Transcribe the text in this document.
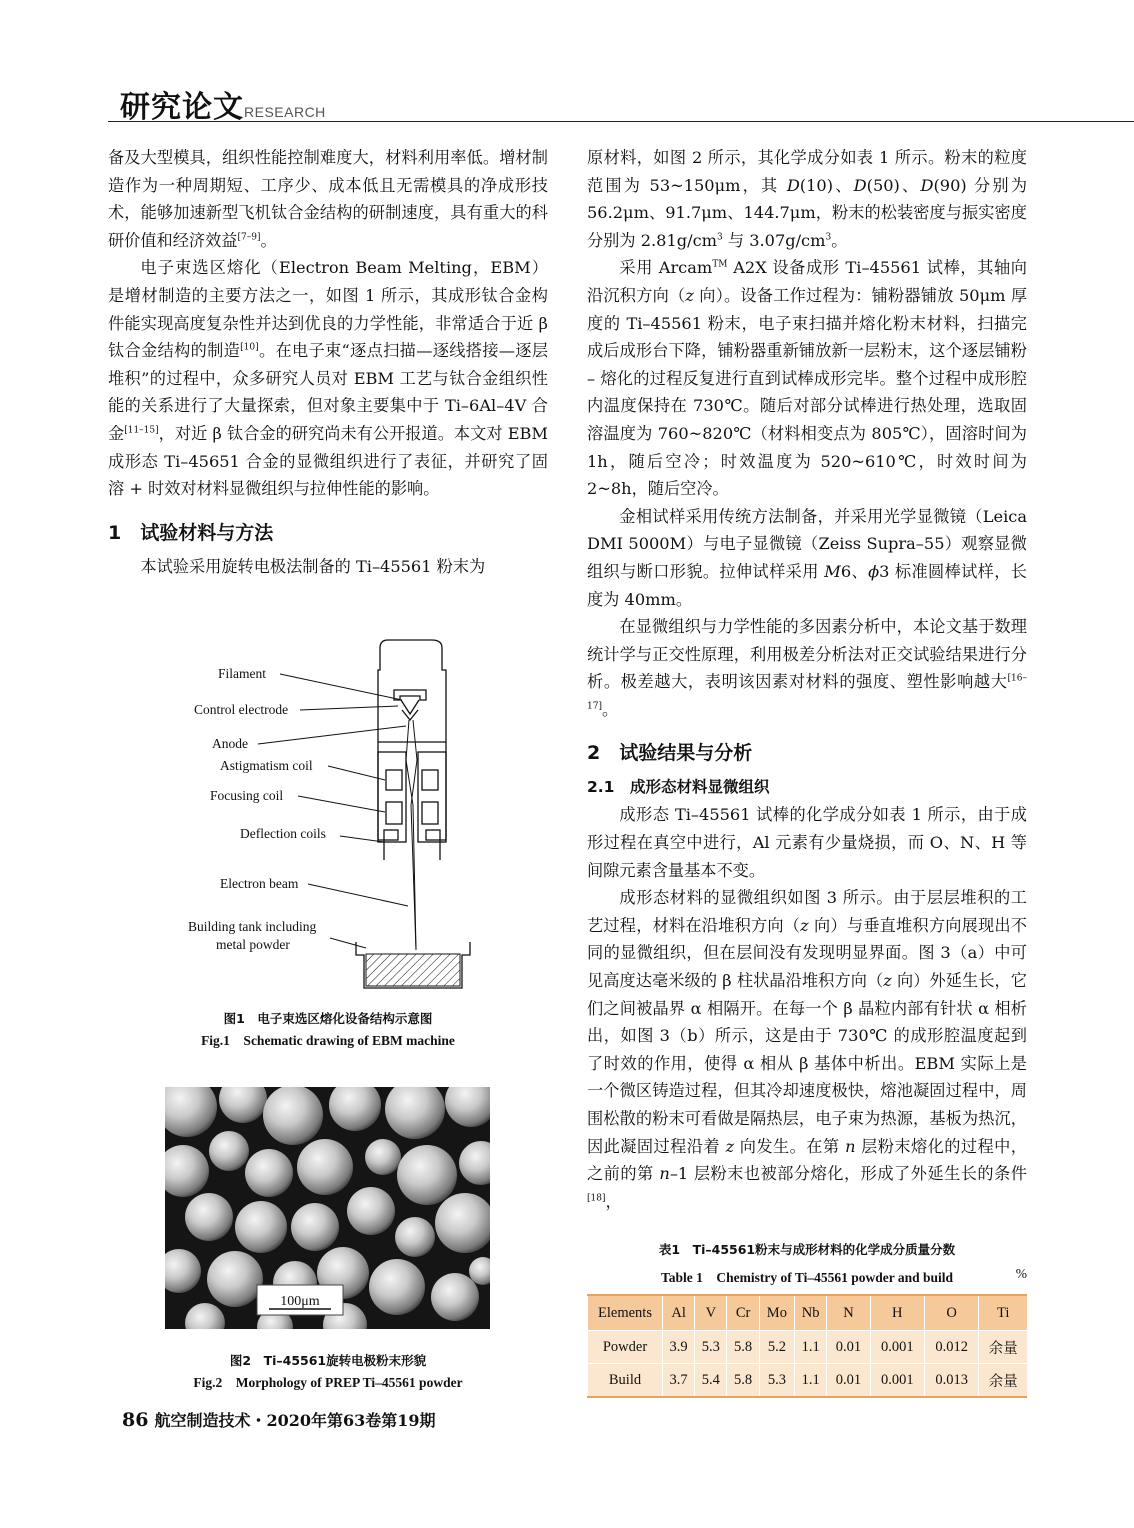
研究论文 RESEARCH

备及大型模具，组织性能控制难度大，材料利用率低。增材制造作为一种周期短、工序少、成本低且无需模具的净成形技术，能够加速新型飞机钛合金结构的研制速度，具有重大的科研价值和经济效益[7–9]。

电子束选区熔化（Electron Beam Melting，EBM）是增材制造的主要方法之一，如图 1 所示，其成形钛合金构件能实现高度复杂性并达到优良的力学性能，非常适合于近 β 钛合金结构的制造[10]。在电子束“逐点扫描—逐线搭接—逐层堆积”的过程中，众多研究人员对 EBM 工艺与钛合金组织性能的关系进行了大量探索，但对象主要集中于 Ti–6Al–4V 合金[11–15]，对近 β 钛合金的研究尚未有公开报道。本文对 EBM 成形态 Ti–45651 合金的显微组织进行了表征，并研究了固溶 + 时效对材料显微组织与拉伸性能的影响。

1　试验材料与方法

本试验采用旋转电极法制备的 Ti–45561 粉末为

Filament
Control electrode
Anode
Astigmatism coil
Focusing coil
Deflection coils
Electron beam
Building tank including
metal powder
图1　电子束选区熔化设备结构示意图
Fig.1　Schematic drawing of EBM machine
100μm
图2　Ti–45561旋转电极粉末形貌
Fig.2　Morphology of PREP Ti–45561 powder

原材料，如图 2 所示，其化学成分如表 1 所示。粉末的粒度范围为 53~150μm，其 D(10)、D(50)、D(90) 分别为 56.2μm、91.7μm、144.7μm，粉末的松装密度与振实密度分别为 $2.81g/cm^3$ 与 $3.07g/cm^3$。

采用 Arcam™ A2X 设备成形 Ti–45561 试棒，其轴向沿沉积方向（z 向）。设备工作过程为：铺粉器铺放 50μm 厚度的 Ti–45561 粉末，电子束扫描并熔化粉末材料，扫描完成后成形台下降，铺粉器重新铺放新一层粉末，这个逐层铺粉 – 熔化的过程反复进行直到试棒成形完毕。整个过程中成形腔内温度保持在 730℃。随后对部分试棒进行热处理，选取固溶温度为 760~820℃（材料相变点为 805℃），固溶时间为 1h，随后空冷；时效温度为 520~610℃，时效时间为 2~8h，随后空冷。

金相试样采用传统方法制备，并采用光学显微镜（Leica DMI 5000M）与电子显微镜（Zeiss Supra–55）观察显微组织与断口形貌。拉伸试样采用 M6、ϕ3 标准圆棒试样，长度为 40mm。

在显微组织与力学性能的多因素分析中，本论文基于数理统计学与正交性原理，利用极差分析法对正交试验结果进行分析。极差越大，表明该因素对材料的强度、塑性影响越大[16–17]。

2　试验结果与分析
2.1　成形态材料显微组织

成形态 Ti–45561 试棒的化学成分如表 1 所示，由于成形过程在真空中进行，Al 元素有少量烧损，而 O、N、H 等间隙元素含量基本不变。

成形态材料的显微组织如图 3 所示。由于层层堆积的工艺过程，材料在沿堆积方向（z 向）与垂直堆积方向展现出不同的显微组织，但在层间没有发现明显界面。图 3（a）中可见高度达毫米级的 β 柱状晶沿堆积方向（z 向）外延生长，它们之间被晶界 α 相隔开。在每一个 β 晶粒内部有针状 α 相析出，如图 3（b）所示，这是由于 730℃ 的成形腔温度起到了时效的作用，使得 α 相从 β 基体中析出。EBM 实际上是一个微区铸造过程，但其冷却速度极快，熔池凝固过程中，周围松散的粉末可看做是隔热层，电子束为热源，基板为热沉，因此凝固过程沿着 z 向发生。在第 n 层粉末熔化的过程中，之前的第 n–1 层粉末也被部分熔化，形成了外延生长的条件[18]，

表1　Ti–45561粉末与成形材料的化学成分质量分数
Table 1　Chemistry of Ti–45561 powder and build	%
Elements	Al	V	Cr	Mo	Nb	N	H	O	Ti
Powder	3.9	5.3	5.8	5.2	1.1	0.01	0.001	0.012	余量
Build	3.7	5.4	5.8	5.3	1.1	0.01	0.001	0.013	余量
86 航空制造技术・2020年第63卷第19期
